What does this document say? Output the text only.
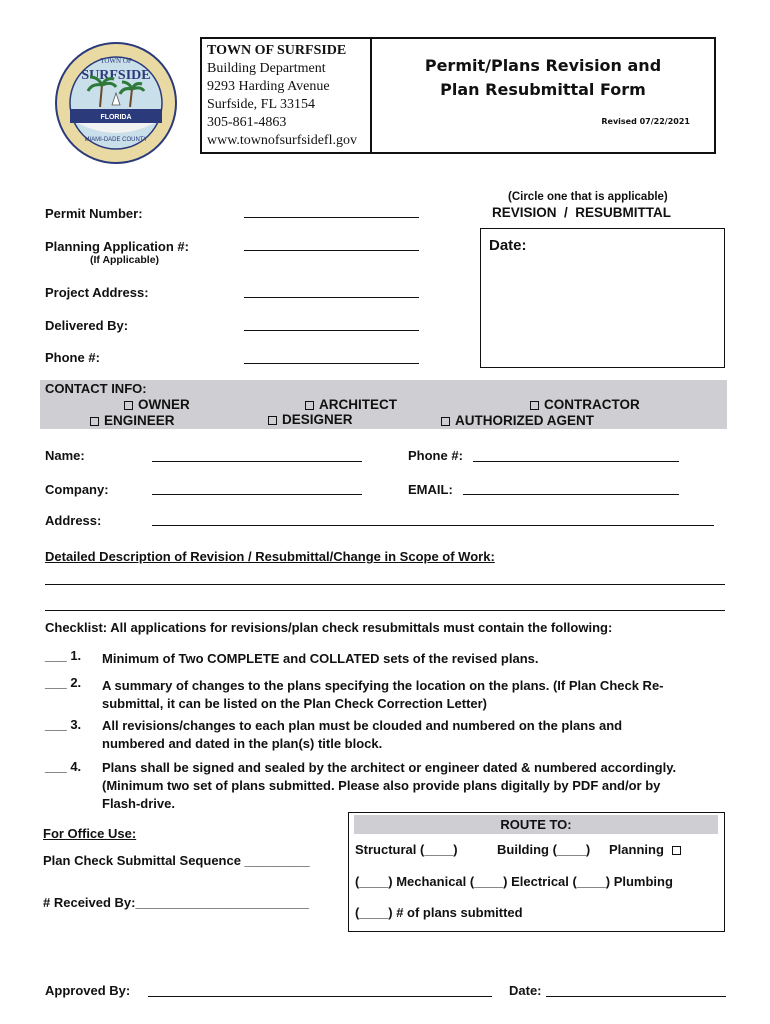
FLORIDA
TOWN OF
SURFSIDE
MIAMI-DADE COUNTY
TOWN OF SURFSIDE
Building Department
9293 Harding Avenue
Surfside, FL 33154
305-861-4863
www.townofsurfsidefl.gov
Permit/Plans Revision and
Plan Resubmittal Form
Revised 07/22/2021
(Circle one that is applicable)
REVISION  /  RESUBMITTAL
Date:
Permit Number:
Planning Application #:
(If Applicable)
Project Address:
Delivered By:
Phone #:
CONTACT INFO:
OWNER	ARCHITECT	CONTRACTOR
ENGINEER	DESIGNER	AUTHORIZED AGENT
Name:	Phone #:
Company:	EMAIL:
Address:
Detailed Description of Revision / Resubmittal/Change in Scope of Work:
Checklist: All applications for revisions/plan check resubmittals must contain the following:
___ 1. Minimum of Two COMPLETE and COLLATED sets of the revised plans.
___ 2. A summary of changes to the plans specifying the location on the plans. (If Plan Check Re-
submittal, it can be listed on the Plan Check Correction Letter)
___ 3. All revisions/changes to each plan must be clouded and numbered on the plans and
numbered and dated in the plan(s) title block.
___ 4. Plans shall be signed and sealed by the architect or engineer dated & numbered accordingly.
(Minimum two set of plans submitted. Please also provide plans digitally by PDF and/or by
Flash-drive.
For Office Use:
Plan Check Submittal Sequence _________
# Received By:________________________
ROUTE TO:
Structural (____)	Building (____) Planning
(____) Mechanical (____) Electrical (____) Plumbing
(____) # of plans submitted
Approved By:	Date:
